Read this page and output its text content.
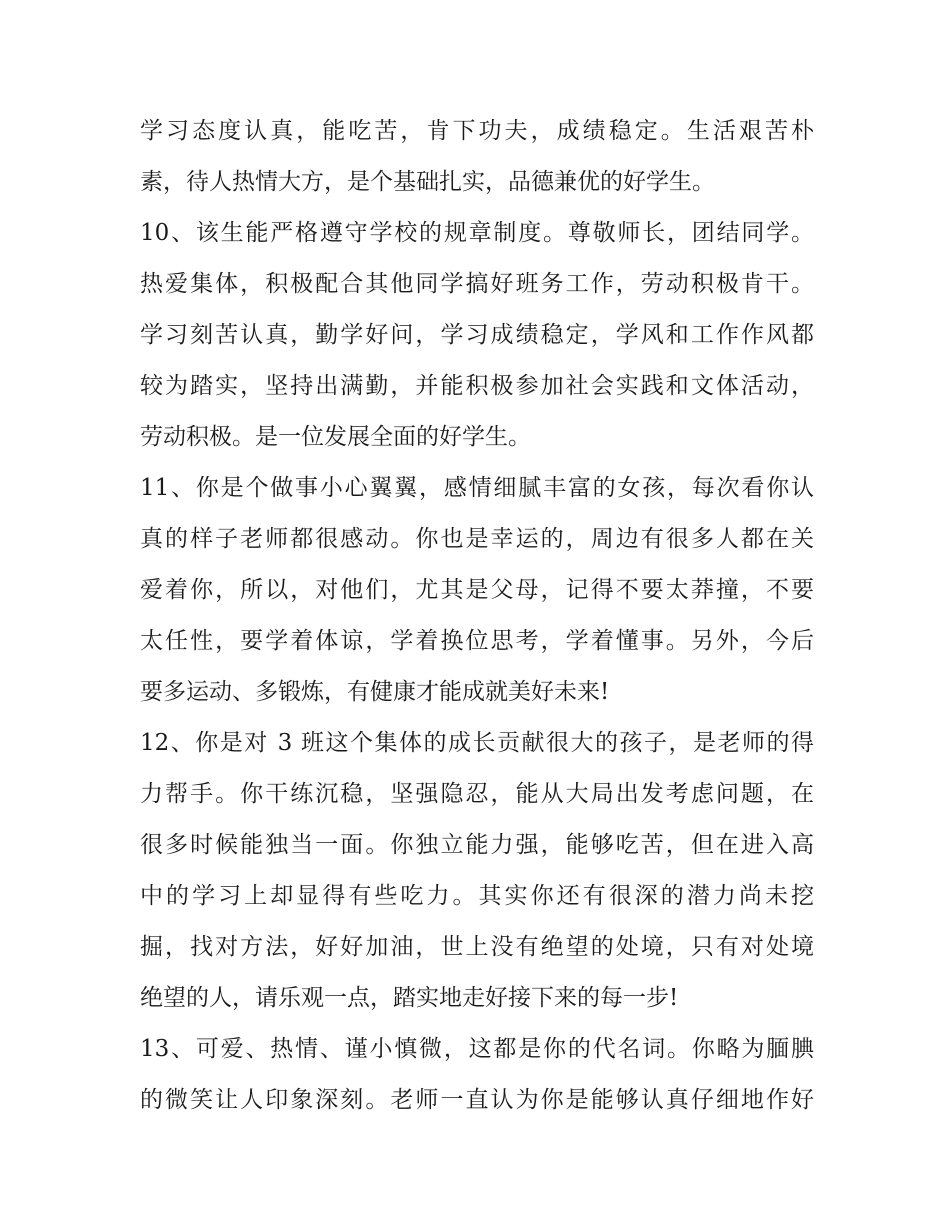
学习态度认真，能吃苦，肯下功夫，成绩稳定。生活艰苦朴
素，待人热情大方，是个基础扎实，品德兼优的好学生。
10、该生能严格遵守学校的规章制度。尊敬师长，团结同学。
热爱集体，积极配合其他同学搞好班务工作，劳动积极肯干。
学习刻苦认真，勤学好问，学习成绩稳定，学风和工作作风都
较为踏实，坚持出满勤，并能积极参加社会实践和文体活动，
劳动积极。是一位发展全面的好学生。
11、你是个做事小心翼翼，感情细腻丰富的女孩，每次看你认
真的样子老师都很感动。你也是幸运的，周边有很多人都在关
爱着你，所以，对他们，尤其是父母，记得不要太莽撞，不要
太任性，要学着体谅，学着换位思考，学着懂事。另外，今后
要多运动、多锻炼，有健康才能成就美好未来!
12、你是对 3 班这个集体的成长贡献很大的孩子，是老师的得
力帮手。你干练沉稳，坚强隐忍，能从大局出发考虑问题，在
很多时候能独当一面。你独立能力强，能够吃苦，但在进入高
中的学习上却显得有些吃力。其实你还有很深的潜力尚未挖
掘，找对方法，好好加油，世上没有绝望的处境，只有对处境
绝望的人，请乐观一点，踏实地走好接下来的每一步!
13、可爱、热情、谨小慎微，这都是你的代名词。你略为腼腆
的微笑让人印象深刻。老师一直认为你是能够认真仔细地作好
